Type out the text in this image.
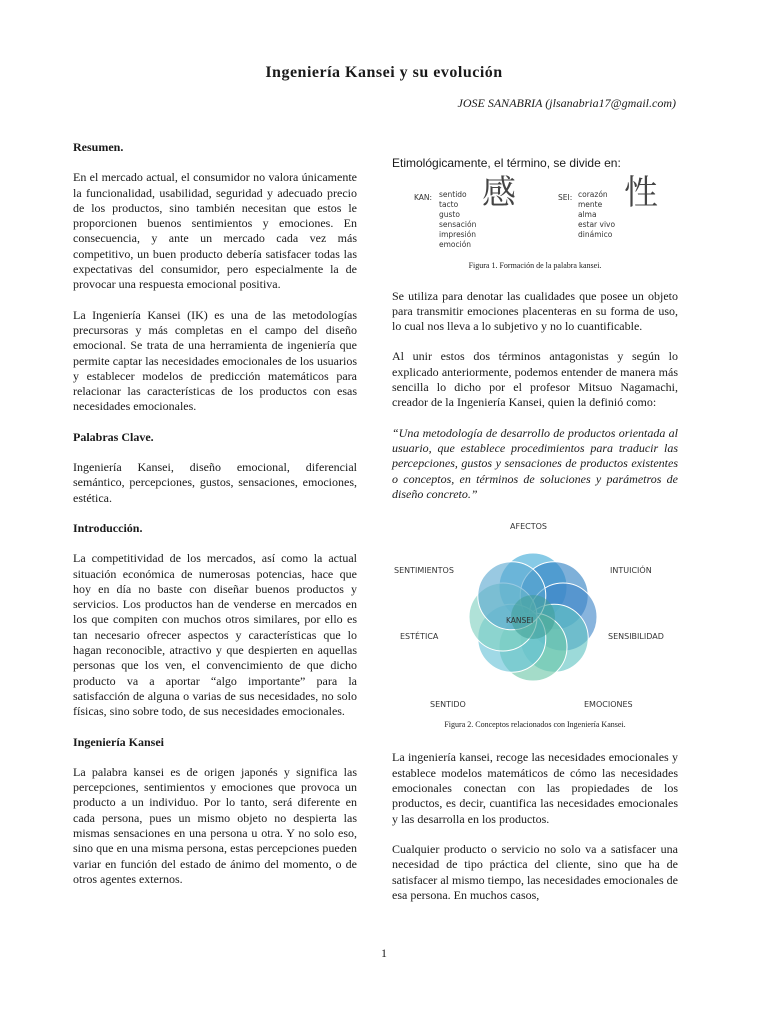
Ingeniería Kansei y su evolución
JOSE SANABRIA (jlsanabria17@gmail.com)
Resumen.

En el mercado actual, el consumidor no valora únicamente la funcionalidad, usabilidad, seguridad y adecuado precio de los productos, sino también necesitan que estos le proporcionen buenos sentimientos y emociones. En consecuencia, y ante un mercado cada vez más competitivo, un buen producto debería satisfacer todas las expectativas del consumidor, pero especialmente la de provocar una respuesta emocional positiva.

La Ingeniería Kansei (IK) es una de las metodologías precursoras y más completas en el campo del diseño emocional. Se trata de una herramienta de ingeniería que permite captar las necesidades emocionales de los usuarios y establecer modelos de predicción matemáticos para relacionar las características de los productos con esas necesidades emocionales.

Palabras Clave.

Ingeniería Kansei, diseño emocional, diferencial semántico, percepciones, gustos, sensaciones, emociones, estética.

Introducción.

La competitividad de los mercados, así como la actual situación económica de numerosas potencias, hace que hoy en día no baste con diseñar buenos productos y servicios. Los productos han de venderse en mercados en los que compiten con muchos otros similares, por ello es tan necesario ofrecer aspectos y características que lo hagan reconocible, atractivo y que despierten en aquellas personas que los ven, el convencimiento de que dicho producto va a aportar “algo importante” para la satisfacción de alguna o varias de sus necesidades, no solo físicas, sino sobre todo, de sus necesidades emocionales.

Ingeniería Kansei

La palabra kansei es de origen japonés y significa las percepciones, sentimientos y emociones que provoca un producto a un individuo. Por lo tanto, será diferente en cada persona, pues un mismo objeto no despierta las mismas sensaciones en una persona u otra. Y no solo eso, sino que en una misma persona, estas percepciones pueden variar en función del estado de ánimo del momento, o de otros agentes externos.

Etimológicamente, el término, se divide en:

KAN: sentido
tacto
gusto
sensación
impresión
emoción
感	SEI: corazón
mente
alma
estar vivo
dinámico
性

Figura 1. Formación de la palabra kansei.

Se utiliza para denotar las cualidades que posee un objeto para transmitir emociones placenteras en su forma de uso, lo cual nos lleva a lo subjetivo y no lo cuantificable.

Al unir estos dos términos antagonistas y según lo explicado anteriormente, podemos entender de manera más sencilla lo dicho por el profesor Mitsuo Nagamachi, creador de la Ingeniería Kansei, quien la definió como:

“Una metodología de desarrollo de productos orientada al usuario, que establece procedimientos para traducir las percepciones, gustos y sensaciones de productos existentes o conceptos, en términos de soluciones y parámetros de diseño concreto.”

AFECTOS
SENTIMIENTOS	INTUICIÓN
ESTÉTICA	SENSIBILIDAD
SENTIDO	EMOCIONES
KANSEI

Figura 2. Conceptos relacionados con Ingeniería Kansei.

La ingeniería kansei, recoge las necesidades emocionales y establece modelos matemáticos de cómo las necesidades emocionales conectan con las propiedades de los productos, es decir, cuantifica las necesidades emocionales y las desarrolla en los productos.

Cualquier producto o servicio no solo va a satisfacer una necesidad de tipo práctica del cliente, sino que ha de satisfacer al mismo tiempo, las necesidades emocionales de esa persona. En muchos casos,

1
